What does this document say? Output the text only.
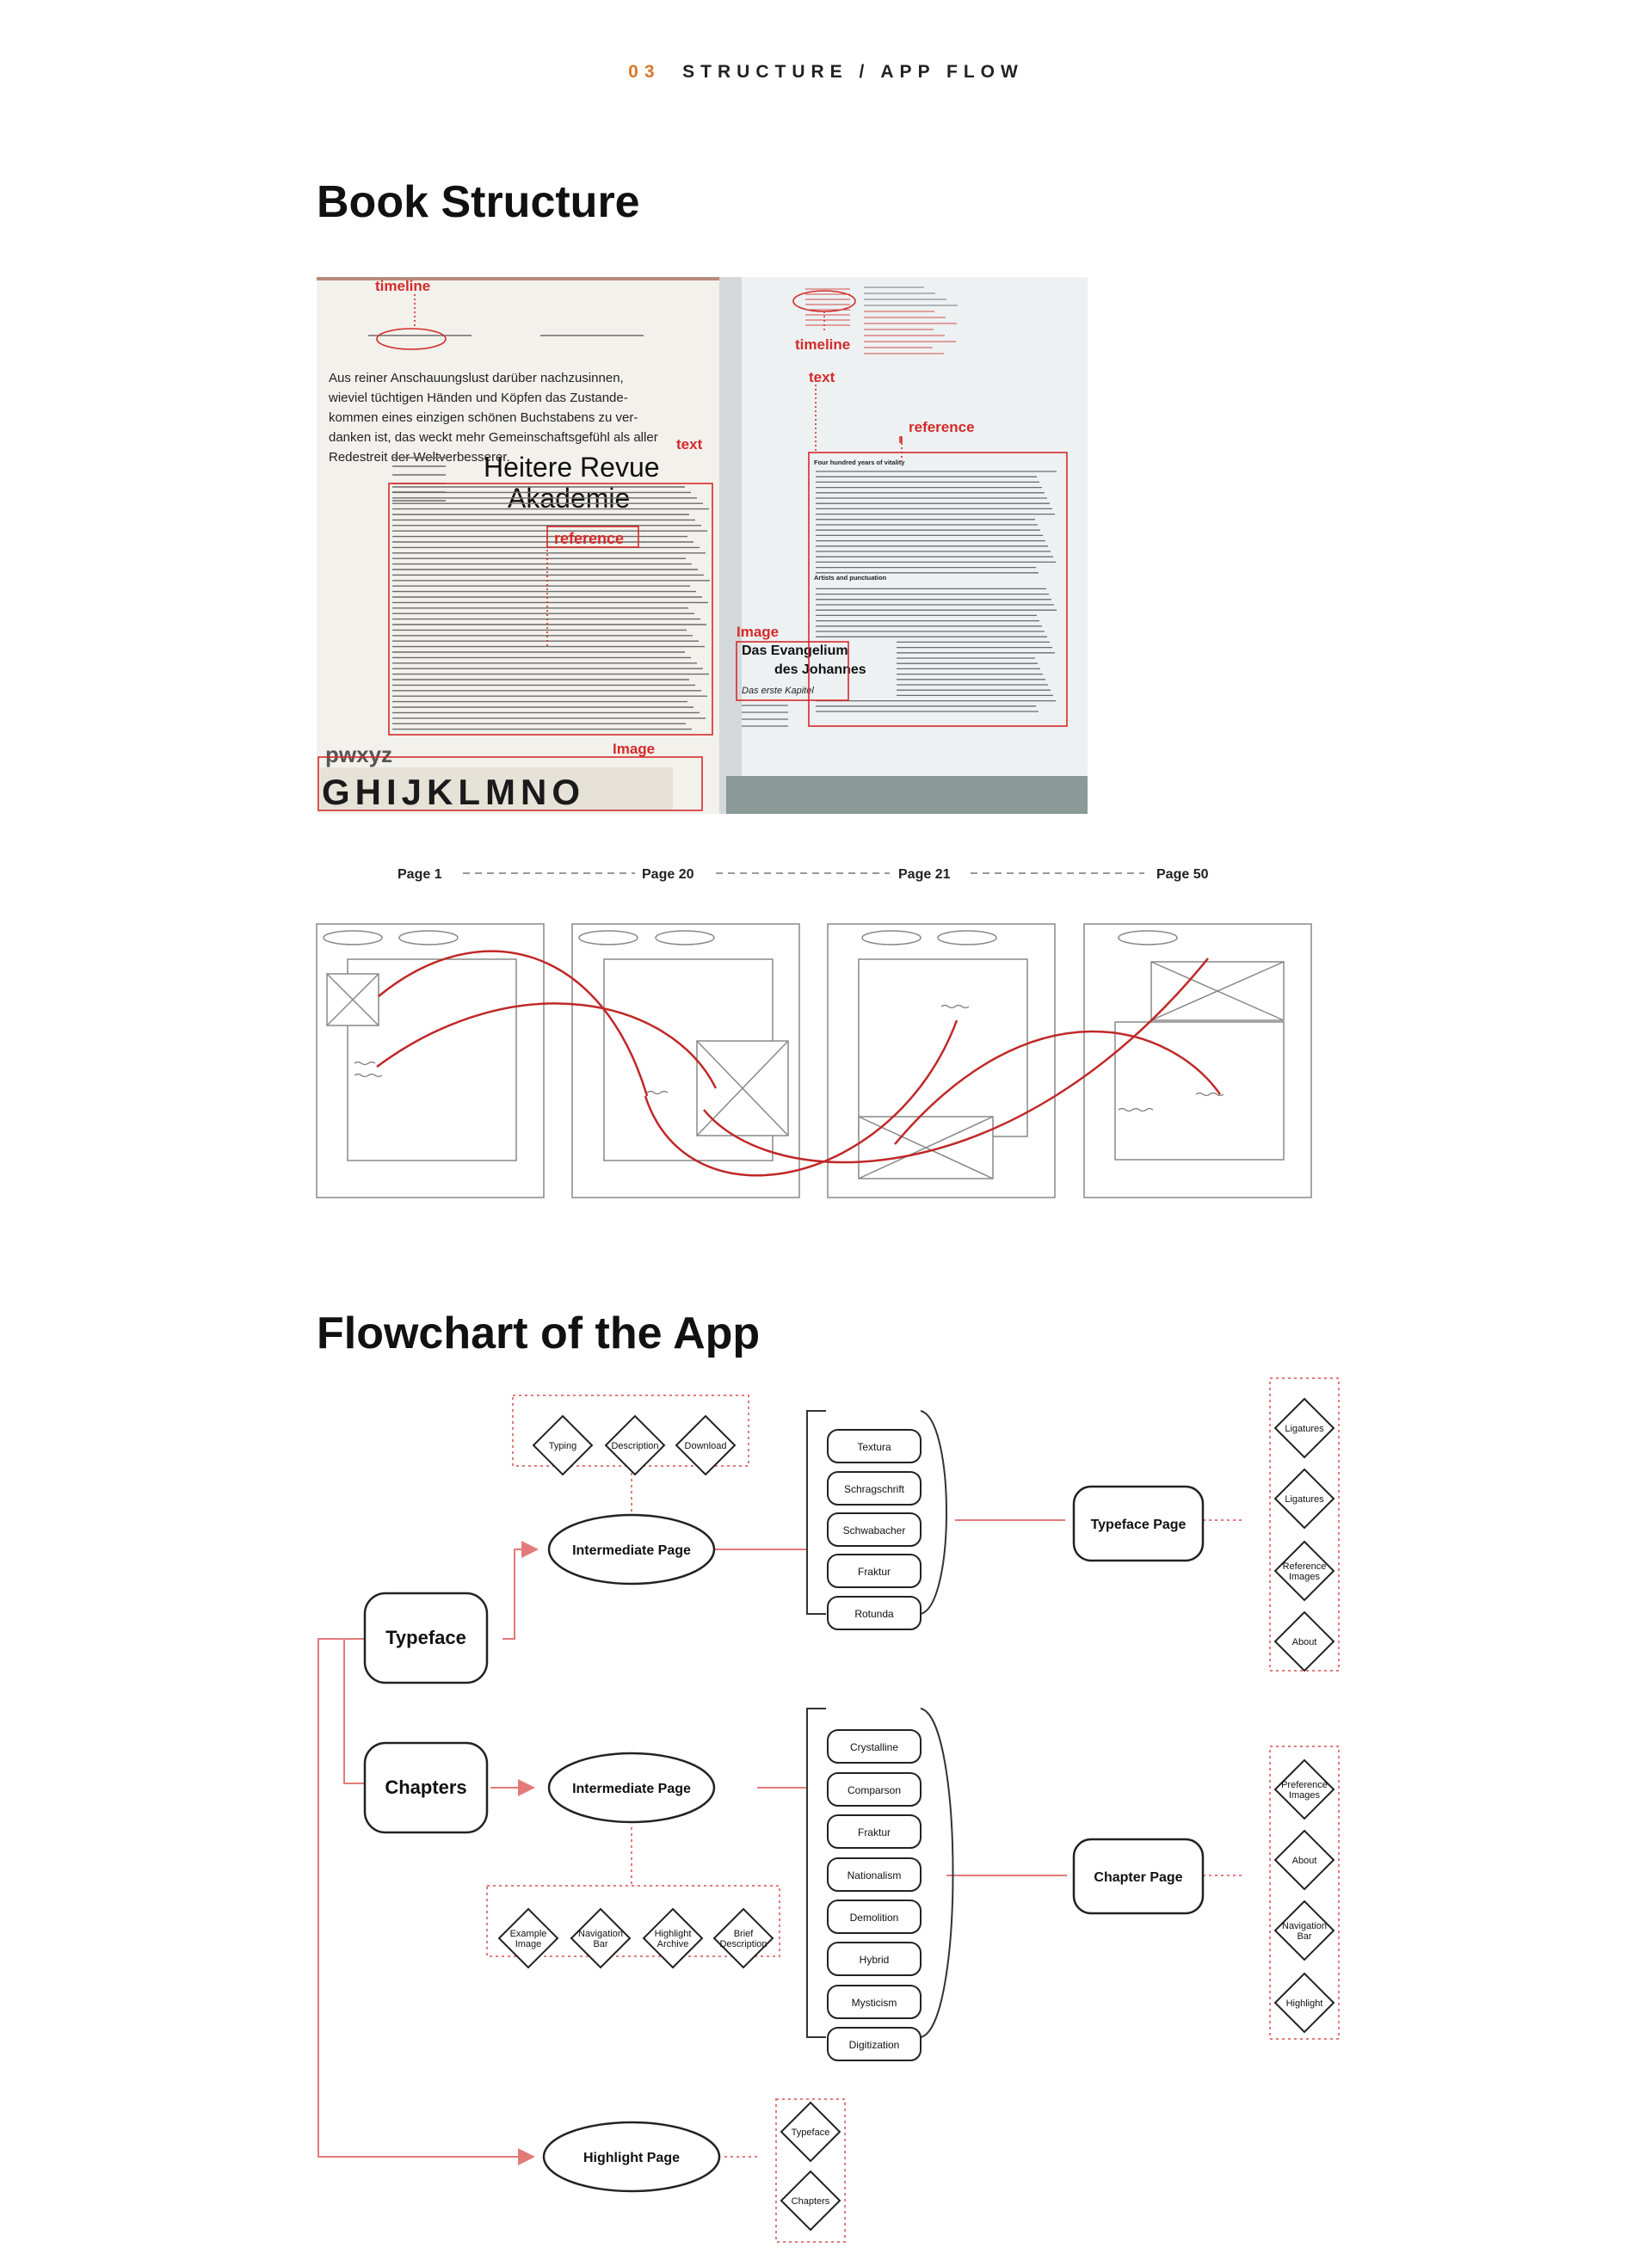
03 STRUCTURE / APP FLOW
Book Structure
Aus reiner Anschauungslust darüber nachzusinnen,
wieviel tüchtigen Händen und Köpfen das Zustande-
kommen eines einzigen schönen Buchstabens zu ver-
danken ist, das weckt mehr Gemeinschaftsgefühl als aller
Redestreit der Weltverbesserer.
Heitere Revue
Akademie
pwxyz
GHIJKLMNO
Four hundred years of vitality
Artists and punctuation
Das Evangelium
des Johannes
Das erste Kapitel
timeline
timeline
text
text
reference
reference
Image
Image
Page 1	Page 20	Page 21	Page 50
Flowchart of the App
Typeface
Chapters
Intermediate Page
Intermediate Page
Highlight Page
Typeface Page
Chapter Page
Textura
Schragschrift
Schwabacher
Fraktur
Rotunda
Crystalline
Comparson
Fraktur
Nationalism
Demolition
Hybrid
Mysticism
Digitization
Typing	Description	Download
Example
Image
Navigation
Bar
Highlight
Archive
Brief
Description
Ligatures
Ligatures
Reference
Images
About
Preference
Images
About
Navigation
Bar
Highlight
Typeface
Chapters
